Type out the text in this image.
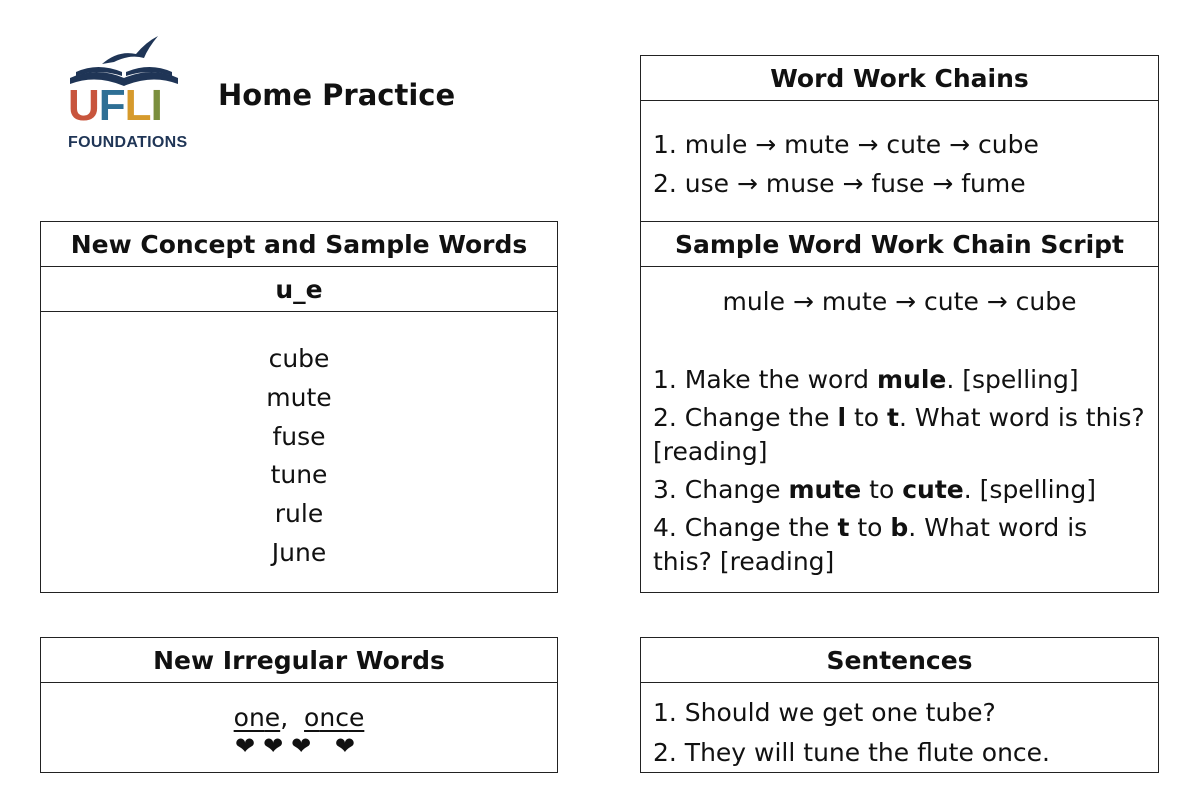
UFLI
FOUNDATIONS
Home Practice
New Concept and Sample Words
u_e
cube
mute
fuse
tune
rule
June
New Irregular Words
one, once
❤❤❤ ❤
Word Work Chains
1. mule → mute → cute → cube
2. use → muse → fuse → fume
Sample Word Work Chain Script
mule → mute → cute → cube

1. Make the word mule. [spelling]

2. Change the l to t. What word is this? [reading]

3. Change mute to cute. [spelling]

4. Change the t to b. What word is this? [reading]

Sentences
1. Should we get one tube?
2. They will tune the flute once.
